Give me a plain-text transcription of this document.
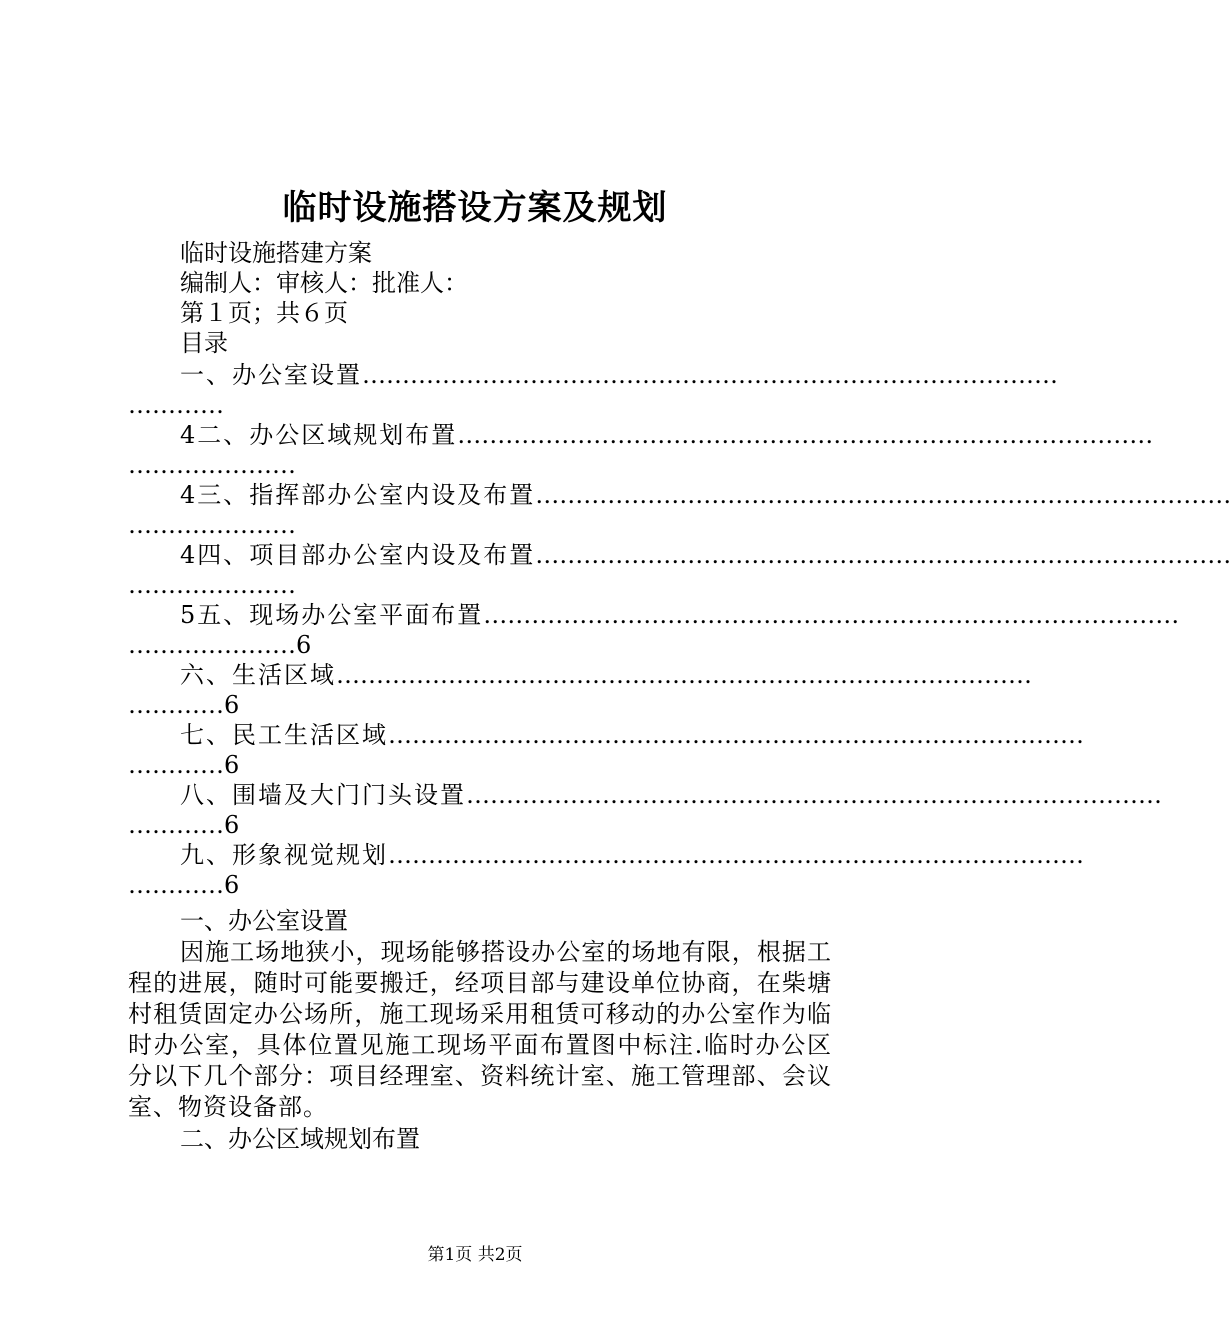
临时设施搭设方案及规划
临时设施搭建方案
编制人：审核人：批准人：
第１页；共６页
目录
一、办公室设置……………………………………………………………………………
…………
4二、办公区域规划布置……………………………………………………………………………
…………………
4三、指挥部办公室内设及布置……………………………………………………………………………
…………………
4四、项目部办公室内设及布置……………………………………………………………………………
…………………
5五、现场办公室平面布置……………………………………………………………………………
…………………6
六、生活区域……………………………………………………………………………
…………6
七、民工生活区域……………………………………………………………………………
…………6
八、围墙及大门门头设置……………………………………………………………………………
…………6
九、形象视觉规划……………………………………………………………………………
…………6
一、办公室设置
因施工场地狭小，现场能够搭设办公室的场地有限，根据工程的进展，随时可能要搬迁，经项目部与建设单位协商，在柴塘村租赁固定办公场所，施工现场采用租赁可移动的办公室作为临时办公室，具体位置见施工现场平面布置图中标注.临时办公区分以下几个部分：项目经理室、资料统计室、施工管理部、会议室、物资设备部。
二、办公区域规划布置
第1页 共2页
